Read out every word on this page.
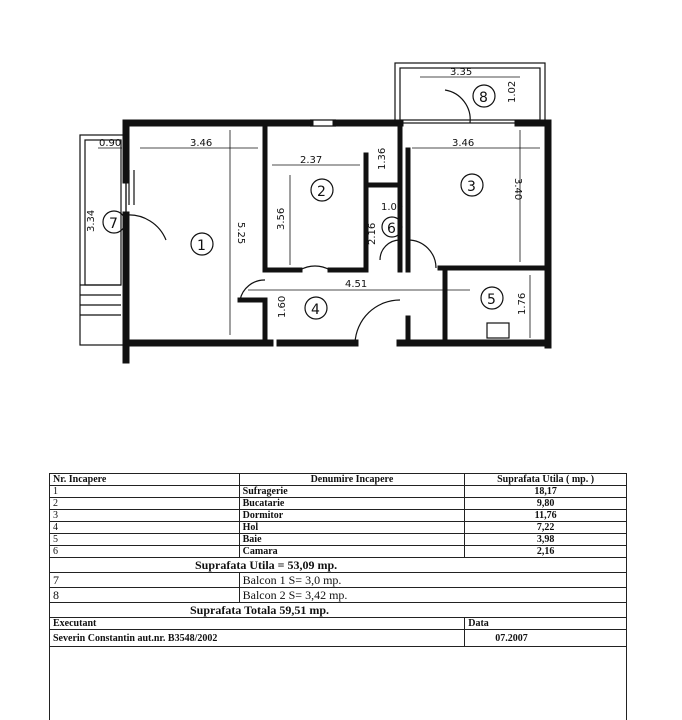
3.35
1.02
0.90	3.46
2.37	1.36
3.46
5.25
3.56
3.40
1.00
2.16
3.34
4.51
1.60	1.76
1
2	3
4
5
6
7
8
Nr. Incapere	Denumire Incapere	Suprafata Utila ( mp. )
1	Sufragerie	18,17
2	Bucatarie	9,80
3	Dormitor	11,76
4	Hol	7,22
5	Baie	3,98
6	Camara	2,16
Suprafata Utila = 53,09 mp.		
7	Balcon 1 S= 3,0 mp.	
8	Balcon 2 S= 3,42 mp.	
Suprafata Totala 59,51 mp.		
Executant		Data
Severin Constantin aut.nr. B3548/2002		07.2007
